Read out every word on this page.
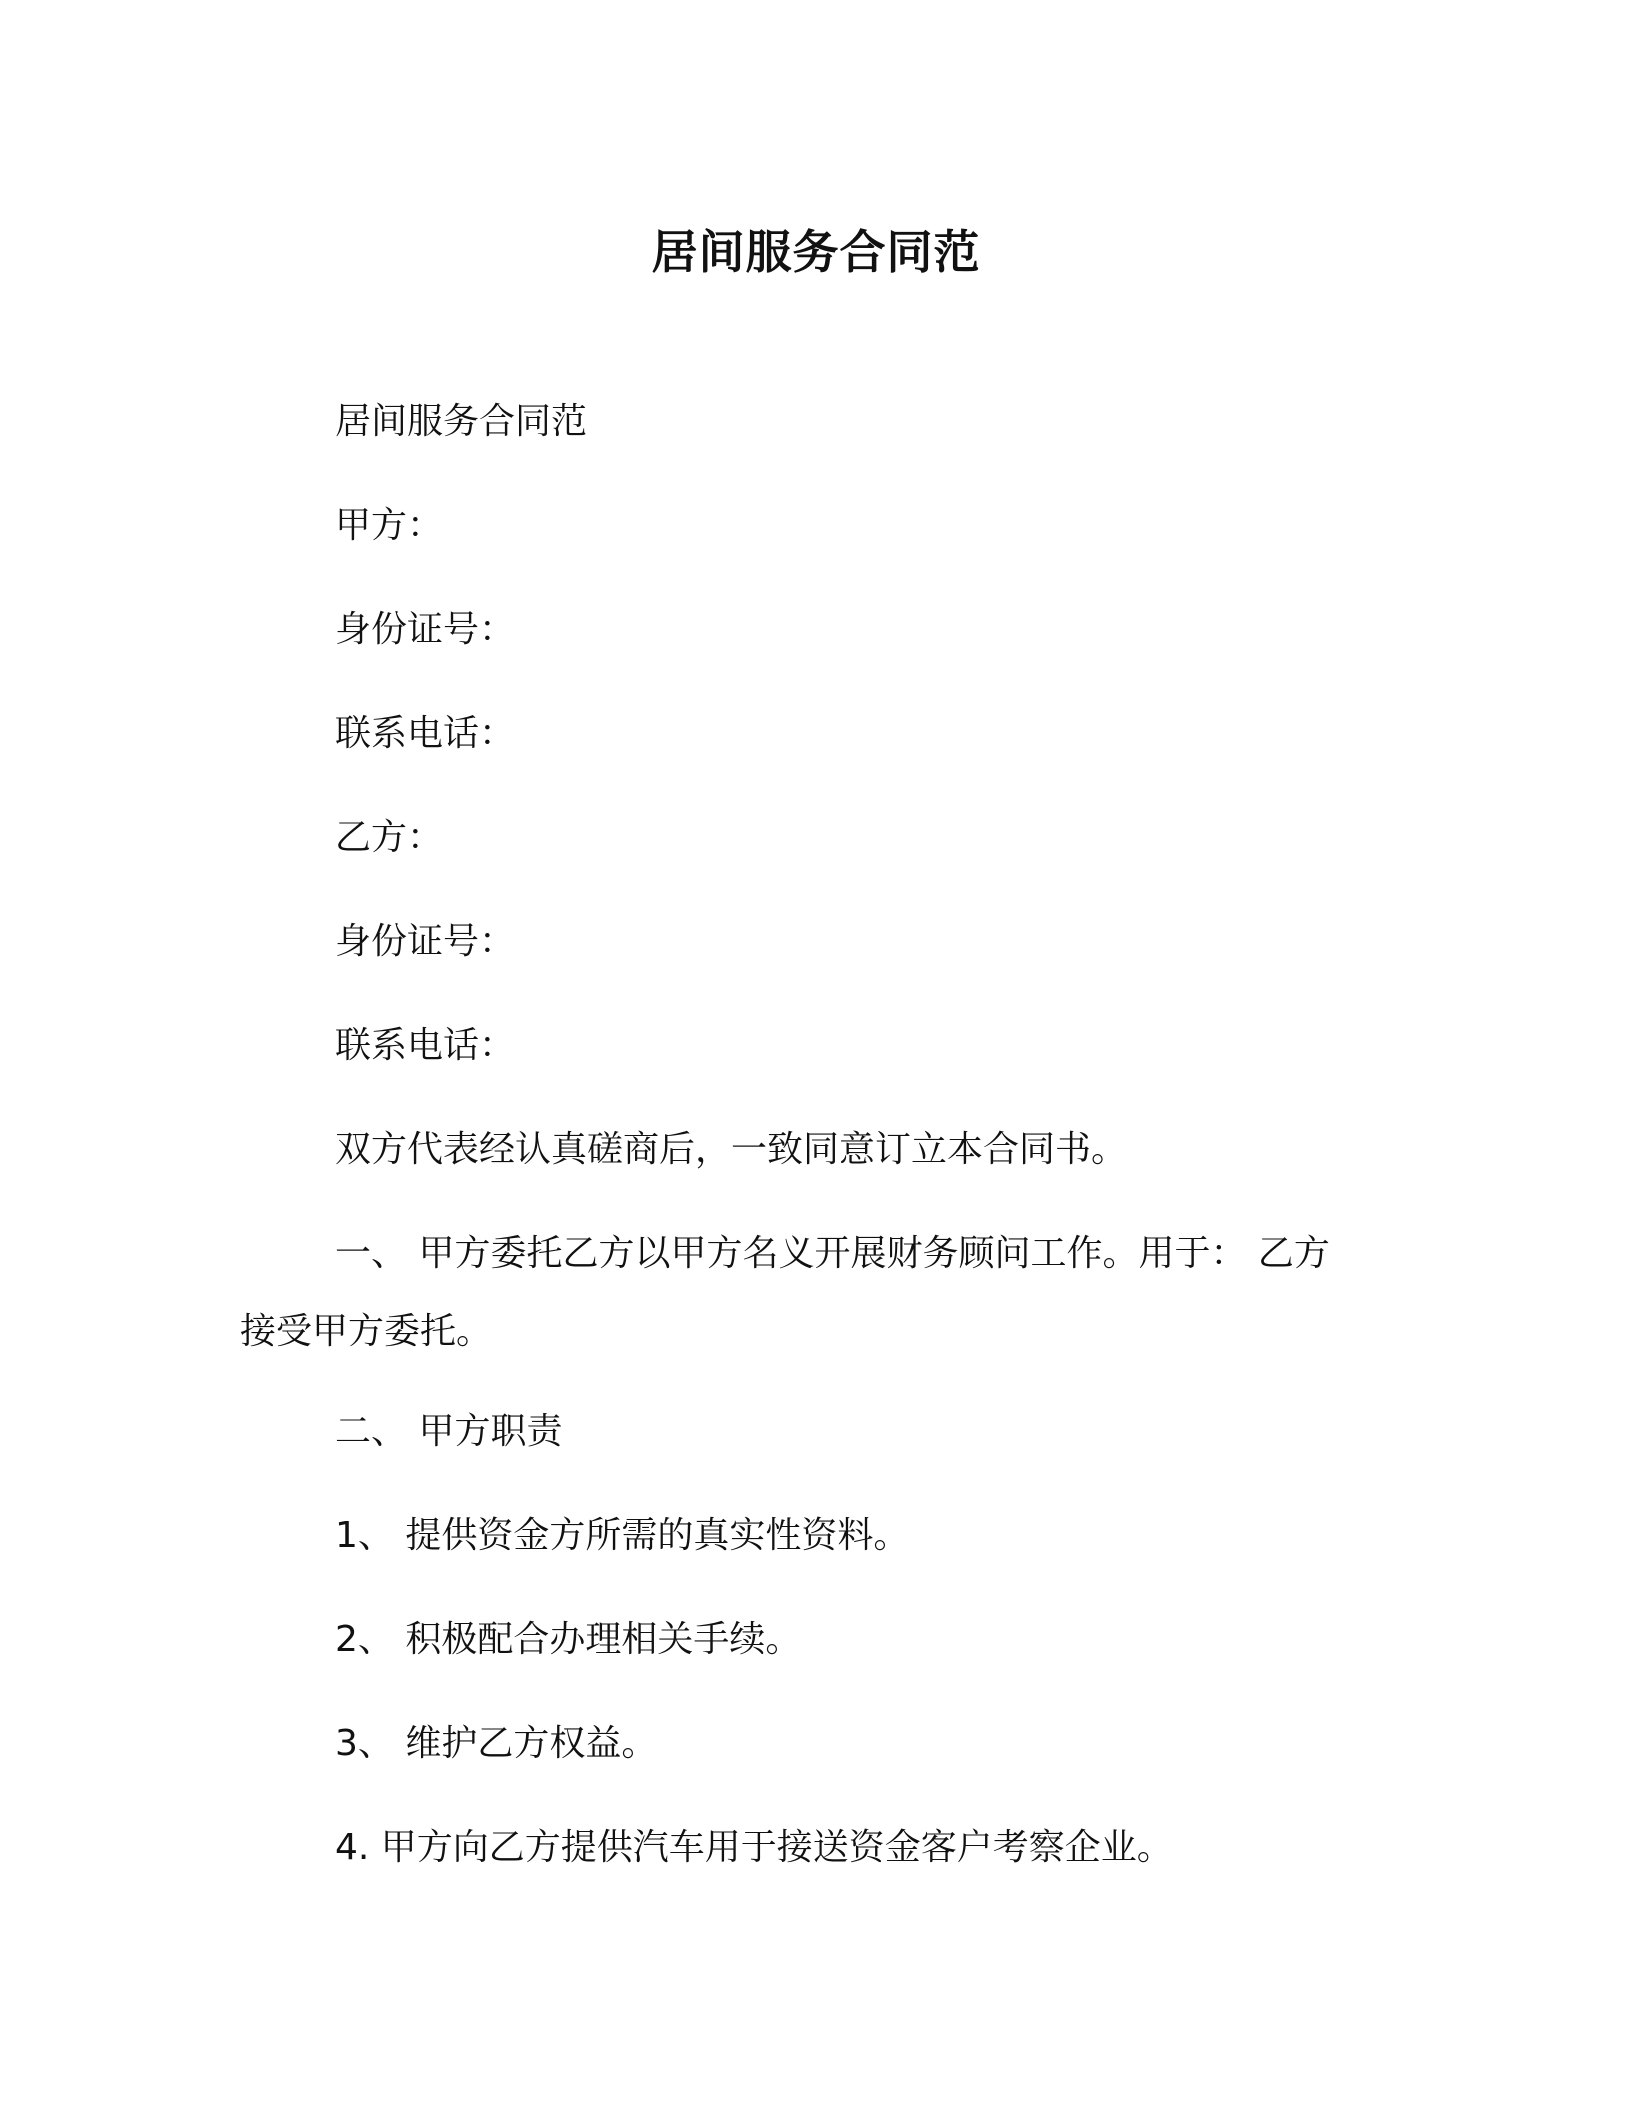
居间服务合同范

居间服务合同范

甲方：

身份证号：

联系电话：

乙方：

身份证号：

联系电话：

双方代表经认真磋商后，一致同意订立本合同书。

一、 甲方委托乙方以甲方名义开展财务顾问工作。用于： 乙方

接受甲方委托。

二、 甲方职责

1、 提供资金方所需的真实性资料。

2、 积极配合办理相关手续。

3、 维护乙方权益。

4. 甲方向乙方提供汽车用于接送资金客户考察企业。
